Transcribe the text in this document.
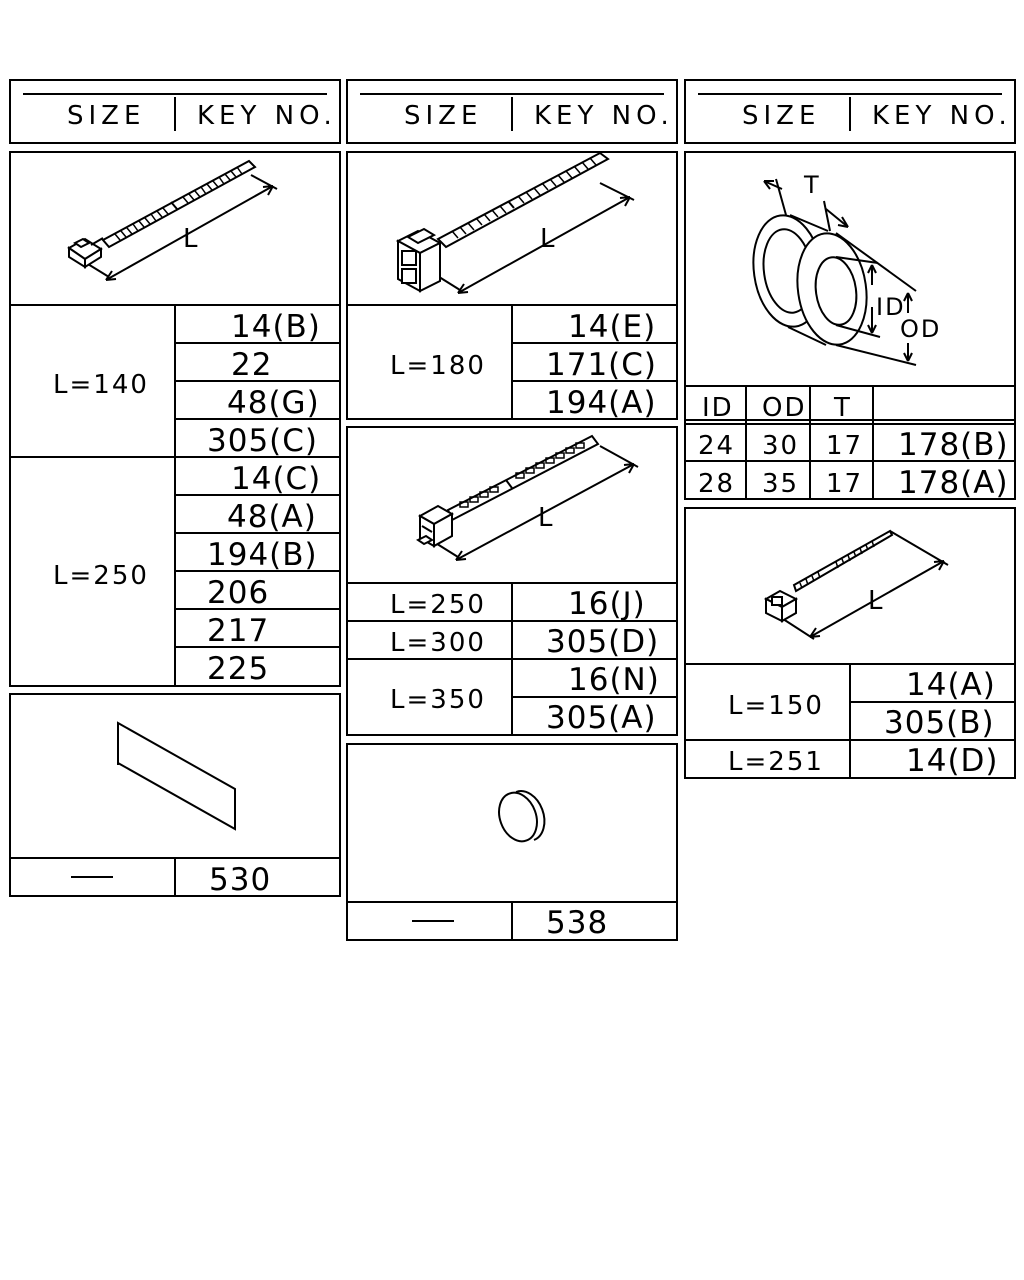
SIZE KEY NO.
L
L=140
14(B)
22
48(G)
305(C)
L=250
14(C)
48(A)
194(B)
206
217
225
530
SIZE KEY NO.
L
L=180
14(E)
171(C)
194(A)
L
L=250	16(J)
L=300 305(D)
L=350
16(N)
305(A)
538
SIZE KEY NO.
T
ID
OD
ID OD T
24 30 17 178(B)
28 35 17 178(A)
L
L=150
14(A)
305(B)
L=251	14(D)
